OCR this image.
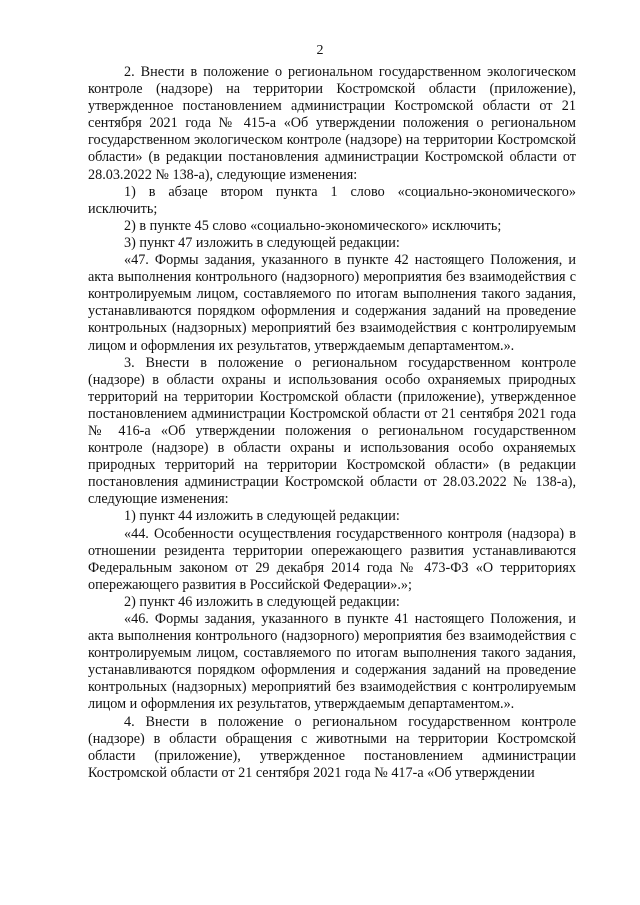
2

2. Внести в положение о региональном государственном экологическом контроле (надзоре) на территории Костромской области (приложение), утвержденное постановлением администрации Костромской области от 21 сентября 2021 года № 415-а «Об утверждении положения о региональном государственном экологическом контроле (надзоре) на территории Костромской области» (в редакции постановления администрации Костромской области от 28.03.2022 № 138-а), следующие изменения:

1) в абзаце втором пункта 1 слово «социально-экономического» исключить;

2) в пункте 45 слово «социально-экономического» исключить;

3) пункт 47 изложить в следующей редакции:

«47. Формы задания, указанного в пункте 42 настоящего Положения, и акта выполнения контрольного (надзорного) мероприятия без взаимодействия с контролируемым лицом, составляемого по итогам выполнения такого задания, устанавливаются порядком оформления и содержания заданий на проведение контрольных (надзорных) мероприятий без взаимодействия с контролируемым лицом и оформления их результатов, утверждаемым департаментом.».

3. Внести в положение о региональном государственном контроле (надзоре) в области охраны и использования особо охраняемых природных территорий на территории Костромской области (приложение), утвержденное постановлением администрации Костромской области от 21 сентября 2021 года № 416-а «Об утверждении положения о региональном государственном контроле (надзоре) в области охраны и использования особо охраняемых природных территорий на территории Костромской области» (в редакции постановления администрации Костромской области от 28.03.2022 № 138-а), следующие изменения:

1) пункт 44 изложить в следующей редакции:

«44. Особенности осуществления государственного контроля (надзора) в отношении резидента территории опережающего развития устанавливаются Федеральным законом от 29 декабря 2014 года № 473-ФЗ «О территориях опережающего развития в Российской Федерации».»;

2) пункт 46 изложить в следующей редакции:

«46. Формы задания, указанного в пункте 41 настоящего Положения, и акта выполнения контрольного (надзорного) мероприятия без взаимодействия с контролируемым лицом, составляемого по итогам выполнения такого задания, устанавливаются порядком оформления и содержания заданий на проведение контрольных (надзорных) мероприятий без взаимодействия с контролируемым лицом и оформления их результатов, утверждаемым департаментом.».

4. Внести в положение о региональном государственном контроле (надзоре) в области обращения с животными на территории Костромской области (приложение), утвержденное постановлением администрации Костромской области от 21 сентября 2021 года № 417-а «Об утверждении
